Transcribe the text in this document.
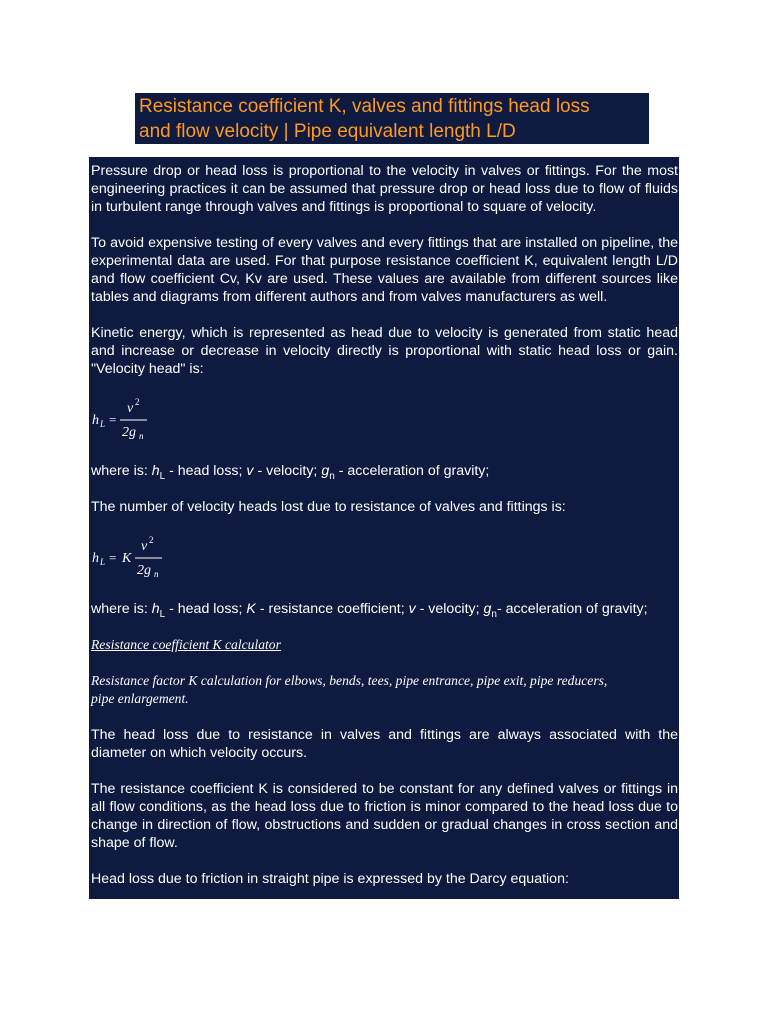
Resistance coefficient K, valves and fittings head loss
and flow velocity | Pipe equivalent length L/D

Pressure drop or head loss is proportional to the velocity in valves or fittings. For the most engineering practices it can be assumed that pressure drop or head loss due to flow of fluids in turbulent range through valves and fittings is proportional to square of velocity.

To avoid expensive testing of every valves and every fittings that are installed on pipeline, the experimental data are used. For that purpose resistance coefficient K, equivalent length L/D and flow coefficient Cv, Kv are used. These values are available from different sources like tables and diagrams from different authors and from valves manufacturers as well.

Kinetic energy, which is represented as head due to velocity is generated from static head and increase or decrease in velocity directly is proportional with static head loss or gain. "Velocity head" is:

h L =
v 2
2g n

where is: $h_L$ - head loss; v - velocity; $g_n$ - acceleration of gravity;

The number of velocity heads lost due to resistance of valves and fittings is:

h L = K
v 2
2g n

where is: $h_L$ - head loss; K - resistance coefficient; v - velocity; $g_n-$ acceleration of gravity;

Resistance coefficient K calculator

Resistance factor K calculation for elbows, bends, tees, pipe entrance, pipe exit, pipe reducers,

pipe enlargement.

The head loss due to resistance in valves and fittings are always associated with the diameter on which velocity occurs.

The resistance coefficient K is considered to be constant for any defined valves or fittings in all flow conditions, as the head loss due to friction is minor compared to the head loss due to change in direction of flow, obstructions and sudden or gradual changes in cross section and shape of flow.

Head loss due to friction in straight pipe is expressed by the Darcy equation:
